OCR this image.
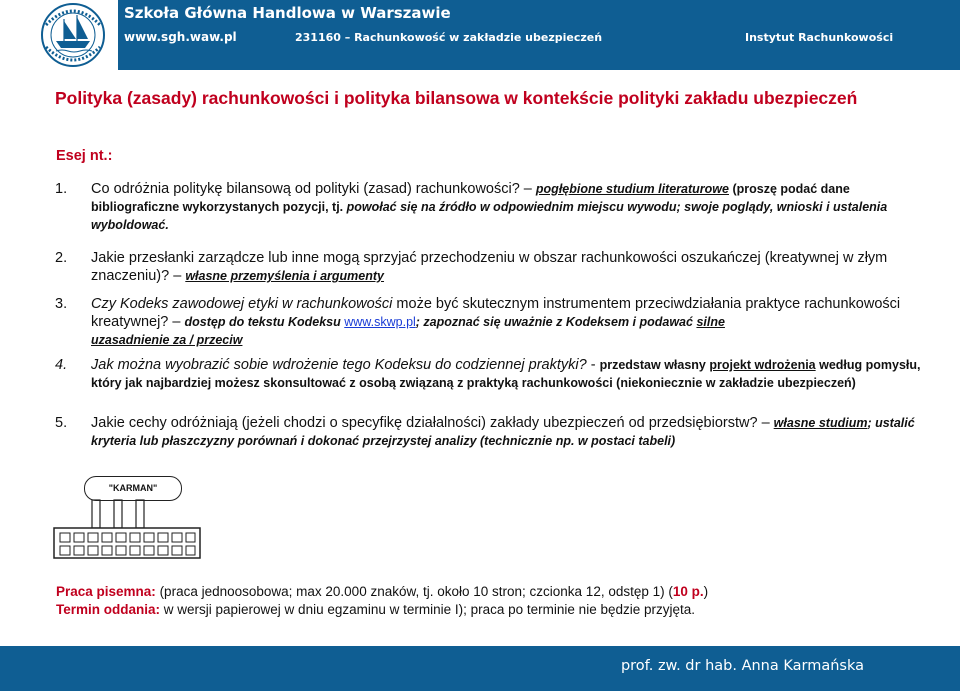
Szkoła Główna Handlowa w Warszawie
www.sgh.waw.pl	231160 – Rachunkowość w zakładzie ubezpieczeń	Instytut Rachunkowości
Polityka (zasady) rachunkowości i polityka bilansowa w kontekście polityki zakładu ubezpieczeń
Esej nt.:
1. Co odróżnia politykę bilansową od polityki (zasad) rachunkowości? – pogłębione studium literaturowe (proszę podać dane bibliograficzne wykorzystanych pozycji, tj. powołać się na źródło w odpowiednim miejscu wywodu; swoje poglądy, wnioski i ustalenia wyboldować.
2. Jakie przesłanki zarządcze lub inne mogą sprzyjać przechodzeniu w obszar rachunkowości oszukańczej (kreatywnej w złym znaczeniu)? – własne przemyślenia i argumenty
3. Czy Kodeks zawodowej etyki w rachunkowości może być skutecznym instrumentem przeciwdziałania praktyce rachunkowości kreatywnej? – dostęp do tekstu Kodeksu www.skwp.pl; zapoznać się uważnie z Kodeksem i podawać silne
uzasadnienie za / przeciw
4. Jak można wyobrazić sobie wdrożenie tego Kodeksu do codziennej praktyki? - przedstaw własny projekt wdrożenia według pomysłu, który jak najbardziej możesz skonsultować z osobą związaną z praktyką rachunkowości (niekoniecznie w zakładzie ubezpieczeń)
5. Jakie cechy odróżniają (jeżeli chodzi o specyfikę działalności) zakłady ubezpieczeń od przedsiębiorstw? – własne studium; ustalić kryteria lub płaszczyzny porównań i dokonać przejrzystej analizy (technicznie np. w postaci tabeli)
"KARMAN"
Praca pisemna: (praca jednoosobowa; max 20.000 znaków, tj. około 10 stron; czcionka 12, odstęp 1) (10 p.)
Termin oddania: w wersji papierowej w dniu egzaminu w terminie I); praca po terminie nie będzie przyjęta.
prof. zw. dr hab. Anna Karmańska
